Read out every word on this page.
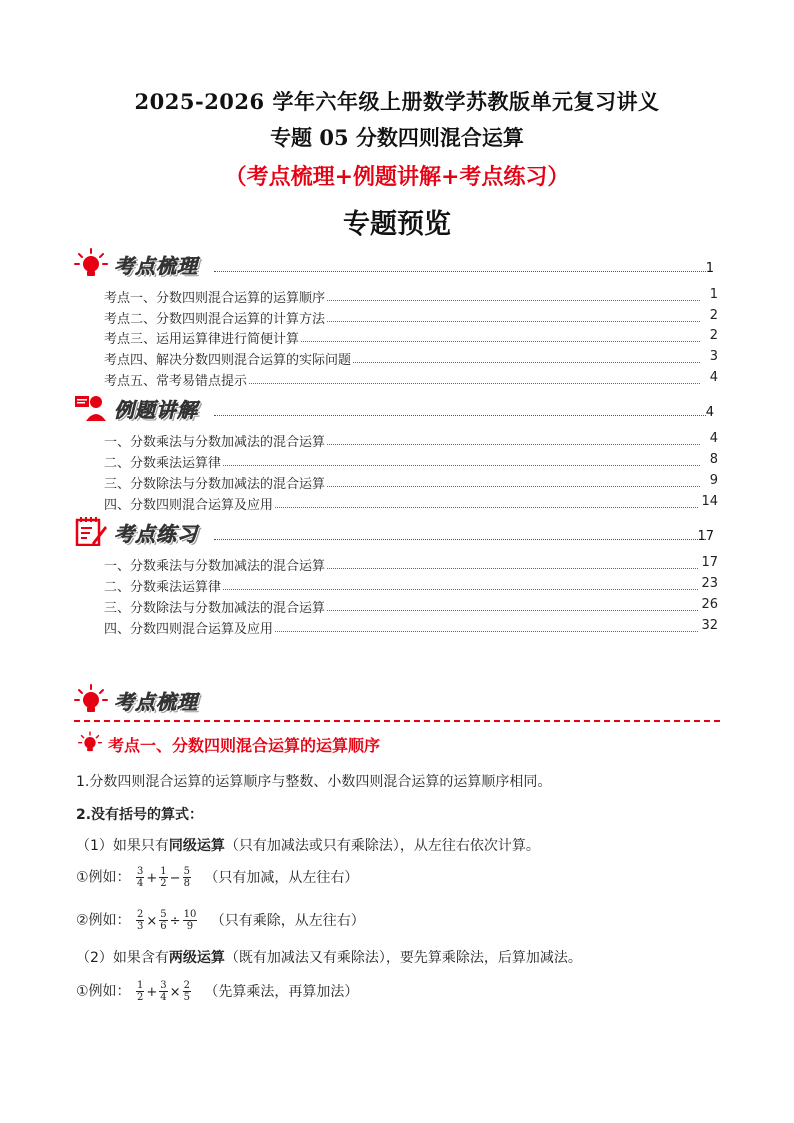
2025-2026 学年六年级上册数学苏教版单元复习讲义
专题 05 分数四则混合运算
（考点梳理+例题讲解+考点练习）
专题预览
考点梳理	1
考点一、分数四则混合运算的运算顺序	1
考点二、分数四则混合运算的计算方法	2
考点三、运用运算律进行简便计算	2
考点四、解决分数四则混合运算的实际问题	3
考点五、常考易错点提示	4
例题讲解	4
一、分数乘法与分数加减法的混合运算	4
二、分数乘法运算律	8
三、分数除法与分数加减法的混合运算	9
四、分数四则混合运算及应用	14
考点练习	17
一、分数乘法与分数加减法的混合运算	17
二、分数乘法运算律	23
三、分数除法与分数加减法的混合运算	26
四、分数四则混合运算及应用	32
考点梳理
考点一、分数四则混合运算的运算顺序
1.分数四则混合运算的运算顺序与整数、小数四则混合运算的运算顺序相同。
2.没有括号的算式：
（1）如果只有同级运算（只有加减法或只有乘除法），从左往右依次计算。
①例如： $\frac{3}{4} + \frac{1}{2} - \frac{5}{8}$ （只有加减，从左往右）
②例如： $\frac{2}{3} \times \frac{5}{6} \div \frac{10}{9}$ （只有乘除，从左往右）
（2）如果含有两级运算（既有加减法又有乘除法），要先算乘除法，后算加减法。
①例如： $\frac{1}{2} + \frac{3}{4} \times \frac{2}{5}$ （先算乘法，再算加法）
